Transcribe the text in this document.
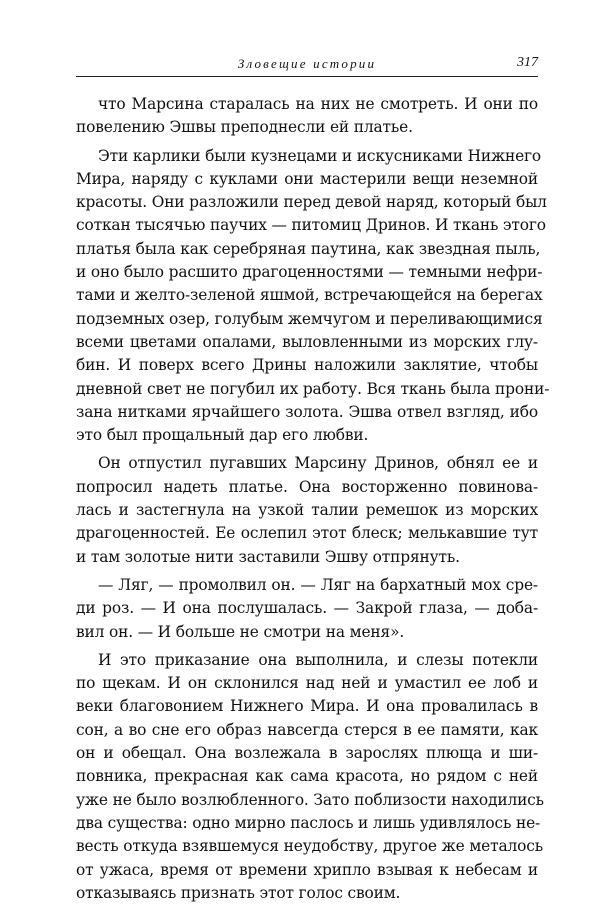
Зловещие истории	317
что Марсина старалась на них не смотреть. И они по
повелению Эшвы преподнесли ей платье.
Эти карлики были кузнецами и искусниками Нижнего
Мира, наряду с куклами они мастерили вещи неземной
красоты. Они разложили перед девой наряд, который был
соткан тысячью паучих — питомиц Дринов. И ткань этого
платья была как серебряная паутина, как звездная пыль,
и оно было расшито драгоценностями — темными нефри-
тами и желто-зеленой яшмой, встречающейся на берегах
подземных озер, голубым жемчугом и переливающимися
всеми цветами опалами, выловленными из морских глу-
бин. И поверх всего Дрины наложили заклятие, чтобы
дневной свет не погубил их работу. Вся ткань была прони-
зана нитками ярчайшего золота. Эшва отвел взгляд, ибо
это был прощальный дар его любви.
Он отпустил пугавших Марсину Дринов, обнял ее и
попросил надеть платье. Она восторженно повинова-
лась и застегнула на узкой талии ремешок из морских
драгоценностей. Ее ослепил этот блеск; мелькавшие тут
и там золотые нити заставили Эшву отпрянуть.
— Ляг, — промолвил он. — Ляг на бархатный мох сре-
ди роз. — И она послушалась. — Закрой глаза, — доба-
вил он. — И больше не смотри на меня».
И это приказание она выполнила, и слезы потекли
по щекам. И он склонился над ней и умастил ее лоб и
веки благовонием Нижнего Мира. И она провалилась в
сон, а во сне его образ навсегда стерся в ее памяти, как
он и обещал. Она возлежала в зарослях плюща и ши-
повника, прекрасная как сама красота, но рядом с ней
уже не было возлюбленного. Зато поблизости находились
два существа: одно мирно паслось и лишь удивлялось не-
весть откуда взявшемуся неудобству, другое же металось
от ужаса, время от времени хрипло взывая к небесам и
отказываясь признать этот голос своим.
